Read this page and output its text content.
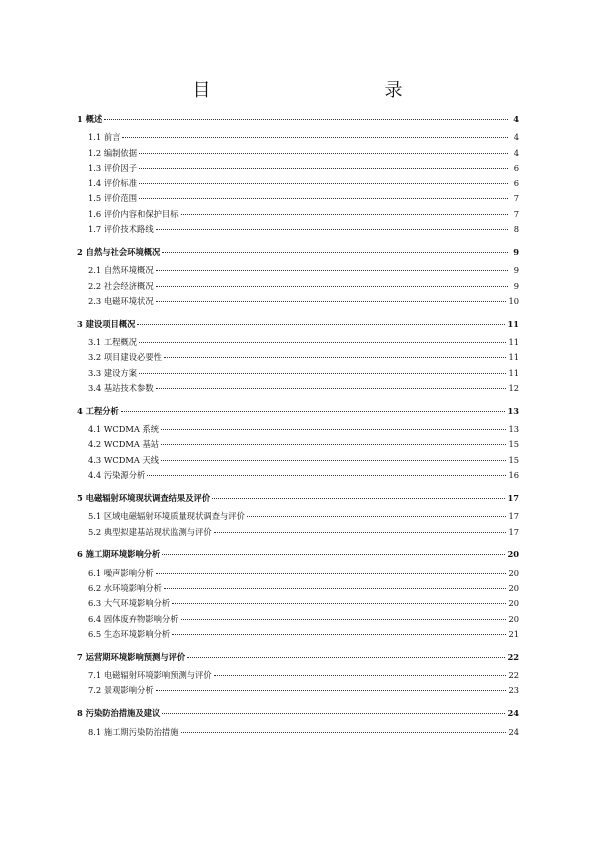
目　　录
1 概述	4
1.1 前言	4
1.2 编制依据	4
1.3 评价因子	6
1.4 评价标准	6
1.5 评价范围	7
1.6 评价内容和保护目标	7
1.7 评价技术路线	8
2 自然与社会环境概况	9
2.1 自然环境概况	9
2.2 社会经济概况	9
2.3 电磁环境状况	10
3 建设项目概况	11
3.1 工程概况	11
3.2 项目建设必要性	11
3.3 建设方案	11
3.4 基站技术参数	12
4 工程分析	13
4.1 WCDMA 系统	13
4.2 WCDMA 基站	15
4.3 WCDMA 天线	15
4.4 污染源分析	16
5 电磁辐射环境现状调查结果及评价	17
5.1 区域电磁辐射环境质量现状调查与评价	17
5.2 典型拟建基站现状监测与评价	17
6 施工期环境影响分析	20
6.1 噪声影响分析	20
6.2 水环境影响分析	20
6.3 大气环境影响分析	20
6.4 固体废弃物影响分析	20
6.5 生态环境影响分析	21
7 运营期环境影响预测与评价	22
7.1 电磁辐射环境影响预测与评价	22
7.2 景观影响分析	23
8 污染防治措施及建议	24
8.1 施工期污染防治措施	24
